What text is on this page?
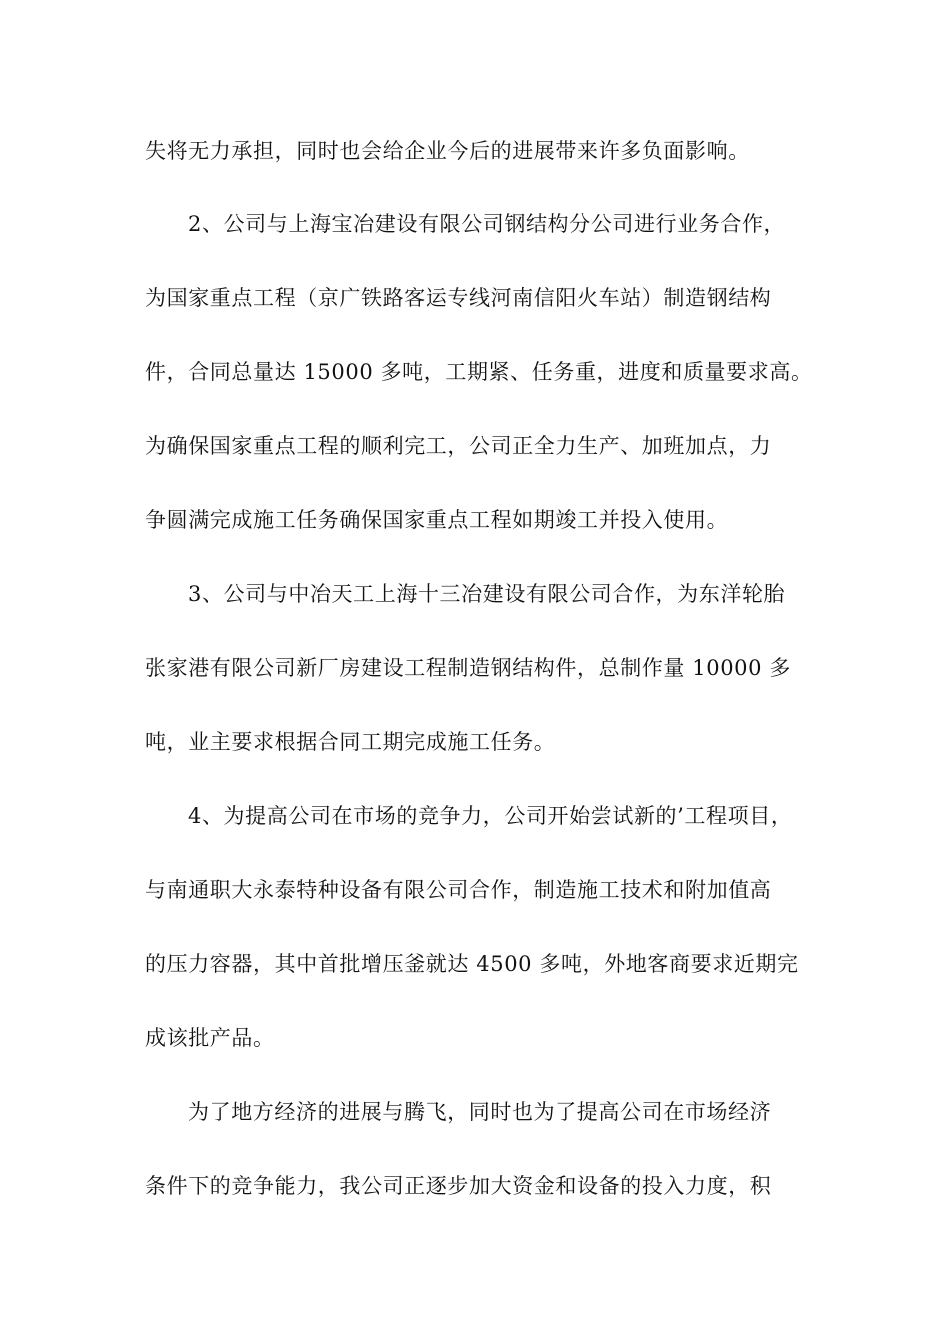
失将无力承担，同时也会给企业今后的进展带来许多负面影响。
2、公司与上海宝冶建设有限公司钢结构分公司进行业务合作，
为国家重点工程（京广铁路客运专线河南信阳火车站）制造钢结构
件，合同总量达 15000 多吨，工期紧、任务重，进度和质量要求高。
为确保国家重点工程的顺利完工，公司正全力生产、加班加点，力
争圆满完成施工任务确保国家重点工程如期竣工并投入使用。
3、公司与中冶天工上海十三冶建设有限公司合作，为东洋轮胎
张家港有限公司新厂房建设工程制造钢结构件，总制作量 10000 多
吨，业主要求根据合同工期完成施工任务。
4、为提高公司在市场的竞争力，公司开始尝试新的’工程项目，
与南通职大永泰特种设备有限公司合作，制造施工技术和附加值高
的压力容器，其中首批增压釜就达 4500 多吨，外地客商要求近期完
成该批产品。
为了地方经济的进展与腾飞，同时也为了提高公司在市场经济
条件下的竞争能力，我公司正逐步加大资金和设备的投入力度，积
